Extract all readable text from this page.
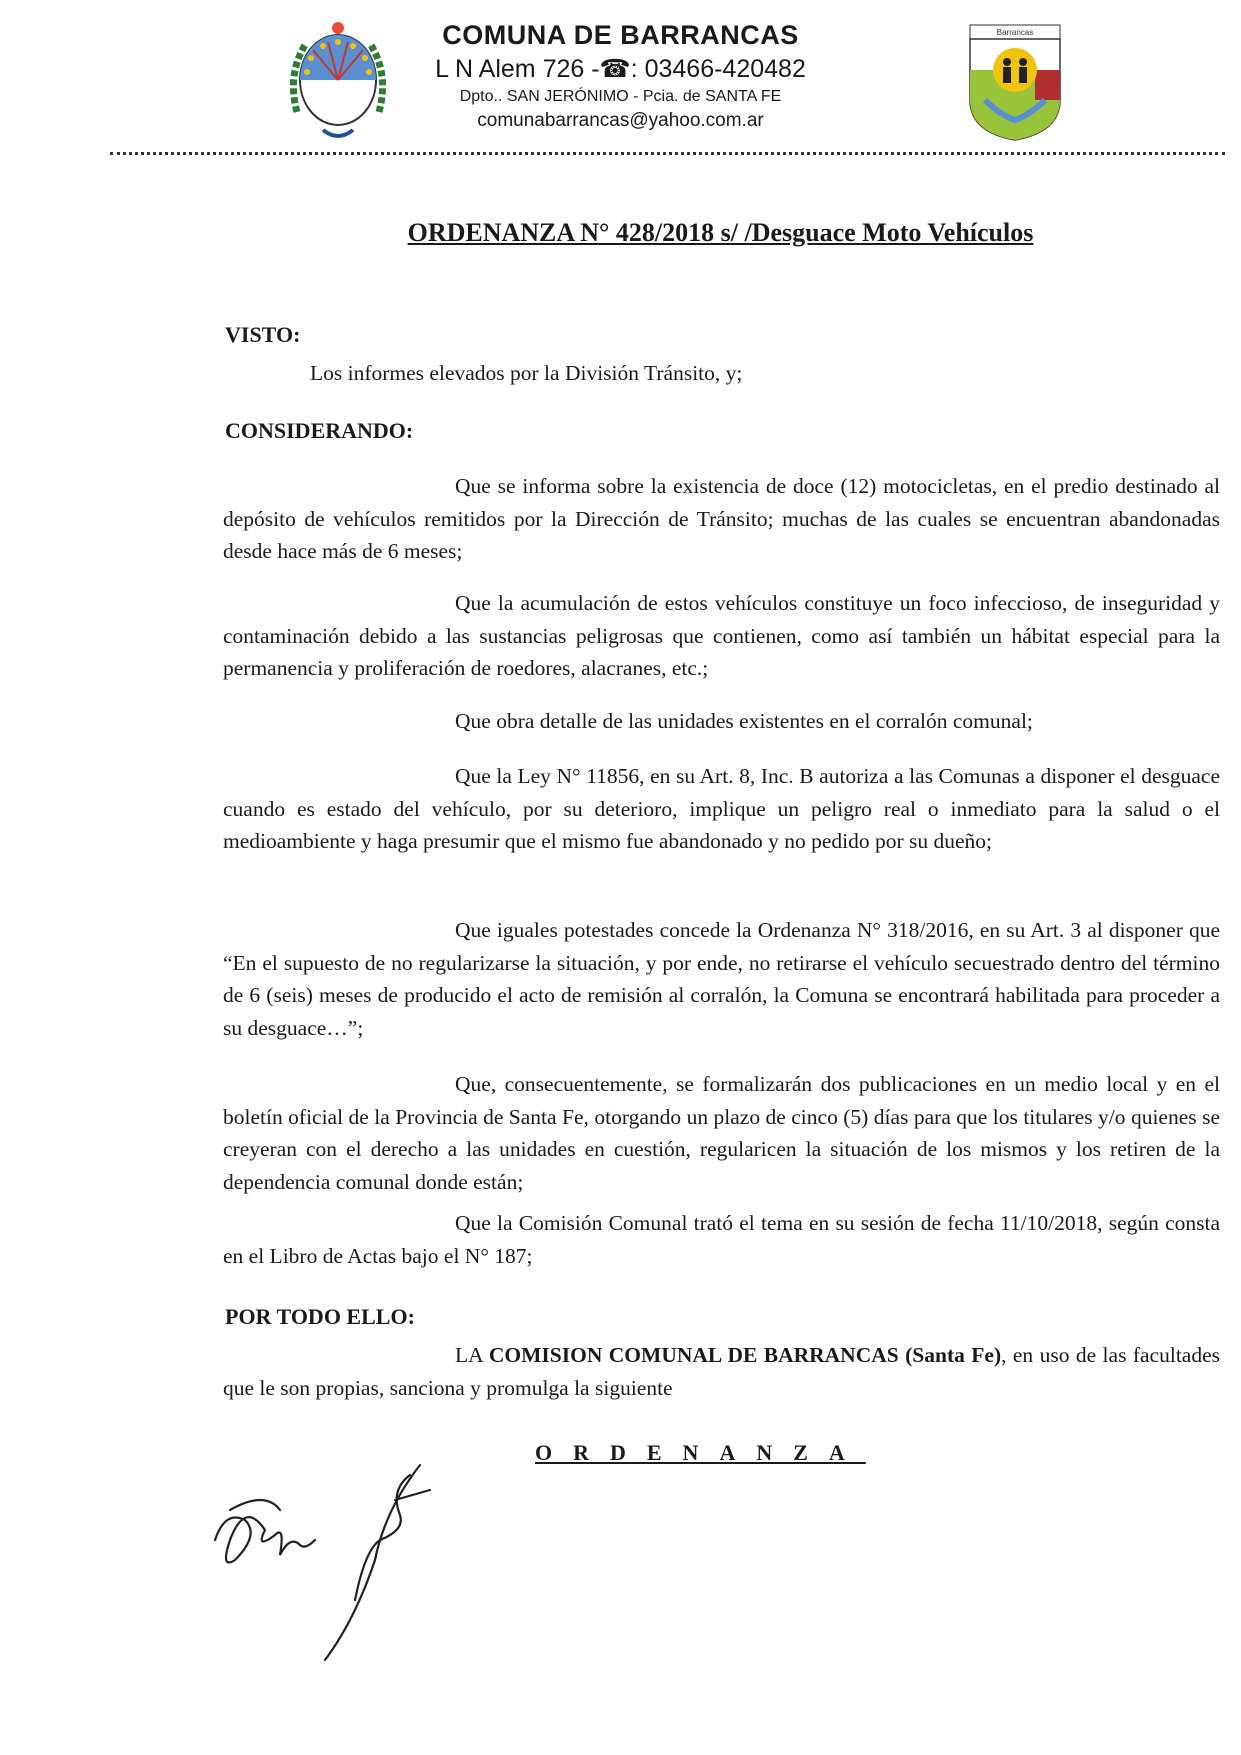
Barrancas
COMUNA DE BARRANCAS
L N Alem 726 -☎: 03466-420482
Dpto.. SAN JERÓNIMO - Pcia. de SANTA FE
comunabarrancas@yahoo.com.ar
ORDENANZA N° 428/2018 s/ /Desguace Moto Vehículos
VISTO:
Los informes elevados por la División Tránsito, y;
CONSIDERANDO:
Que se informa sobre la existencia de doce (12) motocicletas, en el predio destinado al depósito de vehículos remitidos por la Dirección de Tránsito; muchas de las cuales se encuentran abandonadas desde hace más de 6 meses;
Que la acumulación de estos vehículos constituye un foco infeccioso, de inseguridad y contaminación debido a las sustancias peligrosas que contienen, como así también un hábitat especial para la permanencia y proliferación de roedores, alacranes, etc.;
Que obra detalle de las unidades existentes en el corralón comunal;
Que la Ley N° 11856, en su Art. 8, Inc. B autoriza a las Comunas a disponer el desguace cuando es estado del vehículo, por su deterioro, implique un peligro real o inmediato para la salud o el medioambiente y haga presumir que el mismo fue abandonado y no pedido por su dueño;
Que iguales potestades concede la Ordenanza N° 318/2016, en su Art. 3 al disponer que “En el supuesto de no regularizarse la situación, y por ende, no retirarse el vehículo secuestrado dentro del término de 6 (seis) meses de producido el acto de remisión al corralón, la Comuna se encontrará habilitada para proceder a su desguace…”;
Que, consecuentemente, se formalizarán dos publicaciones en un medio local y en el boletín oficial de la Provincia de Santa Fe, otorgando un plazo de cinco (5) días para que los titulares y/o quienes se creyeran con el derecho a las unidades en cuestión, regularicen la situación de los mismos y los retiren de la dependencia comunal donde están;
Que la Comisión Comunal trató el tema en su sesión de fecha 11/10/2018, según consta en el Libro de Actas bajo el N° 187;
POR TODO ELLO:
LA COMISION COMUNAL DE BARRANCAS (Santa Fe), en uso de las facultades que le son propias, sanciona y promulga la siguiente
ORDENANZA
